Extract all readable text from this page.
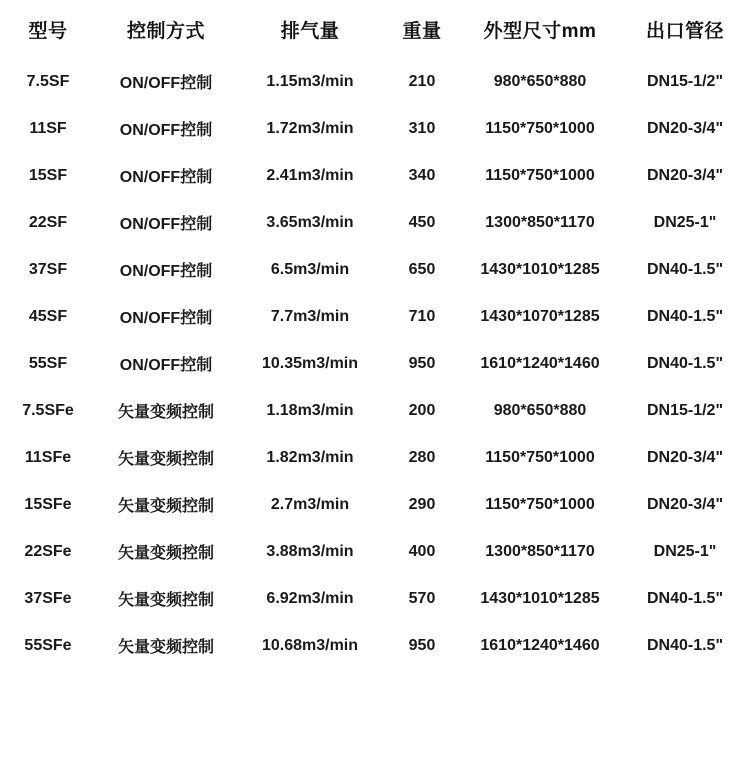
型号	控制方式	排气量	重量	外型尺寸mm	出口管径
7.5SF	ON/OFF控制	1.15m3/min	210	980*650*880	DN15-1/2"
11SF	ON/OFF控制	1.72m3/min	310	1150*750*1000	DN20-3/4"
15SF	ON/OFF控制	2.41m3/min	340	1150*750*1000	DN20-3/4"
22SF	ON/OFF控制	3.65m3/min	450	1300*850*1170	DN25-1"
37SF	ON/OFF控制	6.5m3/min	650	1430*1010*1285	DN40-1.5"
45SF	ON/OFF控制	7.7m3/min	710	1430*1070*1285	DN40-1.5"
55SF	ON/OFF控制	10.35m3/min	950	1610*1240*1460	DN40-1.5"
7.5SFe	矢量变频控制	1.18m3/min	200	980*650*880	DN15-1/2"
11SFe	矢量变频控制	1.82m3/min	280	1150*750*1000	DN20-3/4"
15SFe	矢量变频控制	2.7m3/min	290	1150*750*1000	DN20-3/4"
22SFe	矢量变频控制	3.88m3/min	400	1300*850*1170	DN25-1"
37SFe	矢量变频控制	6.92m3/min	570	1430*1010*1285	DN40-1.5"
55SFe	矢量变频控制	10.68m3/min	950	1610*1240*1460	DN40-1.5"
